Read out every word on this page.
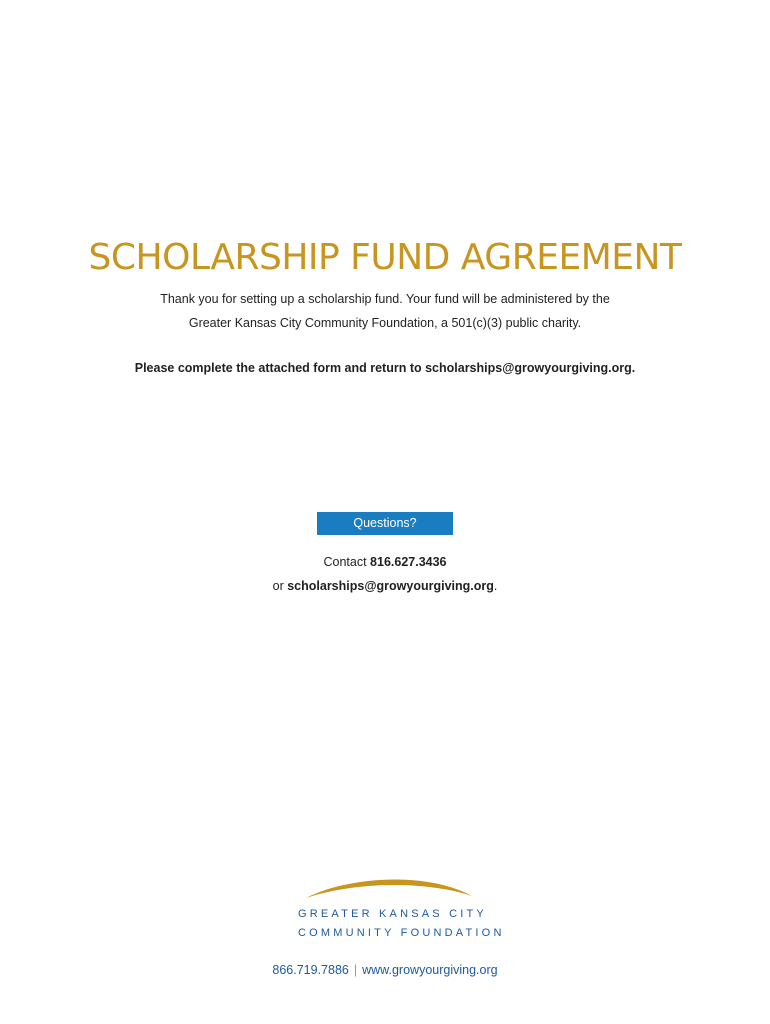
SCHOLARSHIP FUND AGREEMENT
Thank you for setting up a scholarship fund. Your fund will be administered by the
Greater Kansas City Community Foundation, a 501(c)(3) public charity.
Please complete the attached form and return to scholarships@growyourgiving.org.
Questions?
Contact 816.627.3436
or scholarships@growyourgiving.org.
GREATER KANSAS CITY
COMMUNITY FOUNDATION
866.719.7886 | www.growyourgiving.org
